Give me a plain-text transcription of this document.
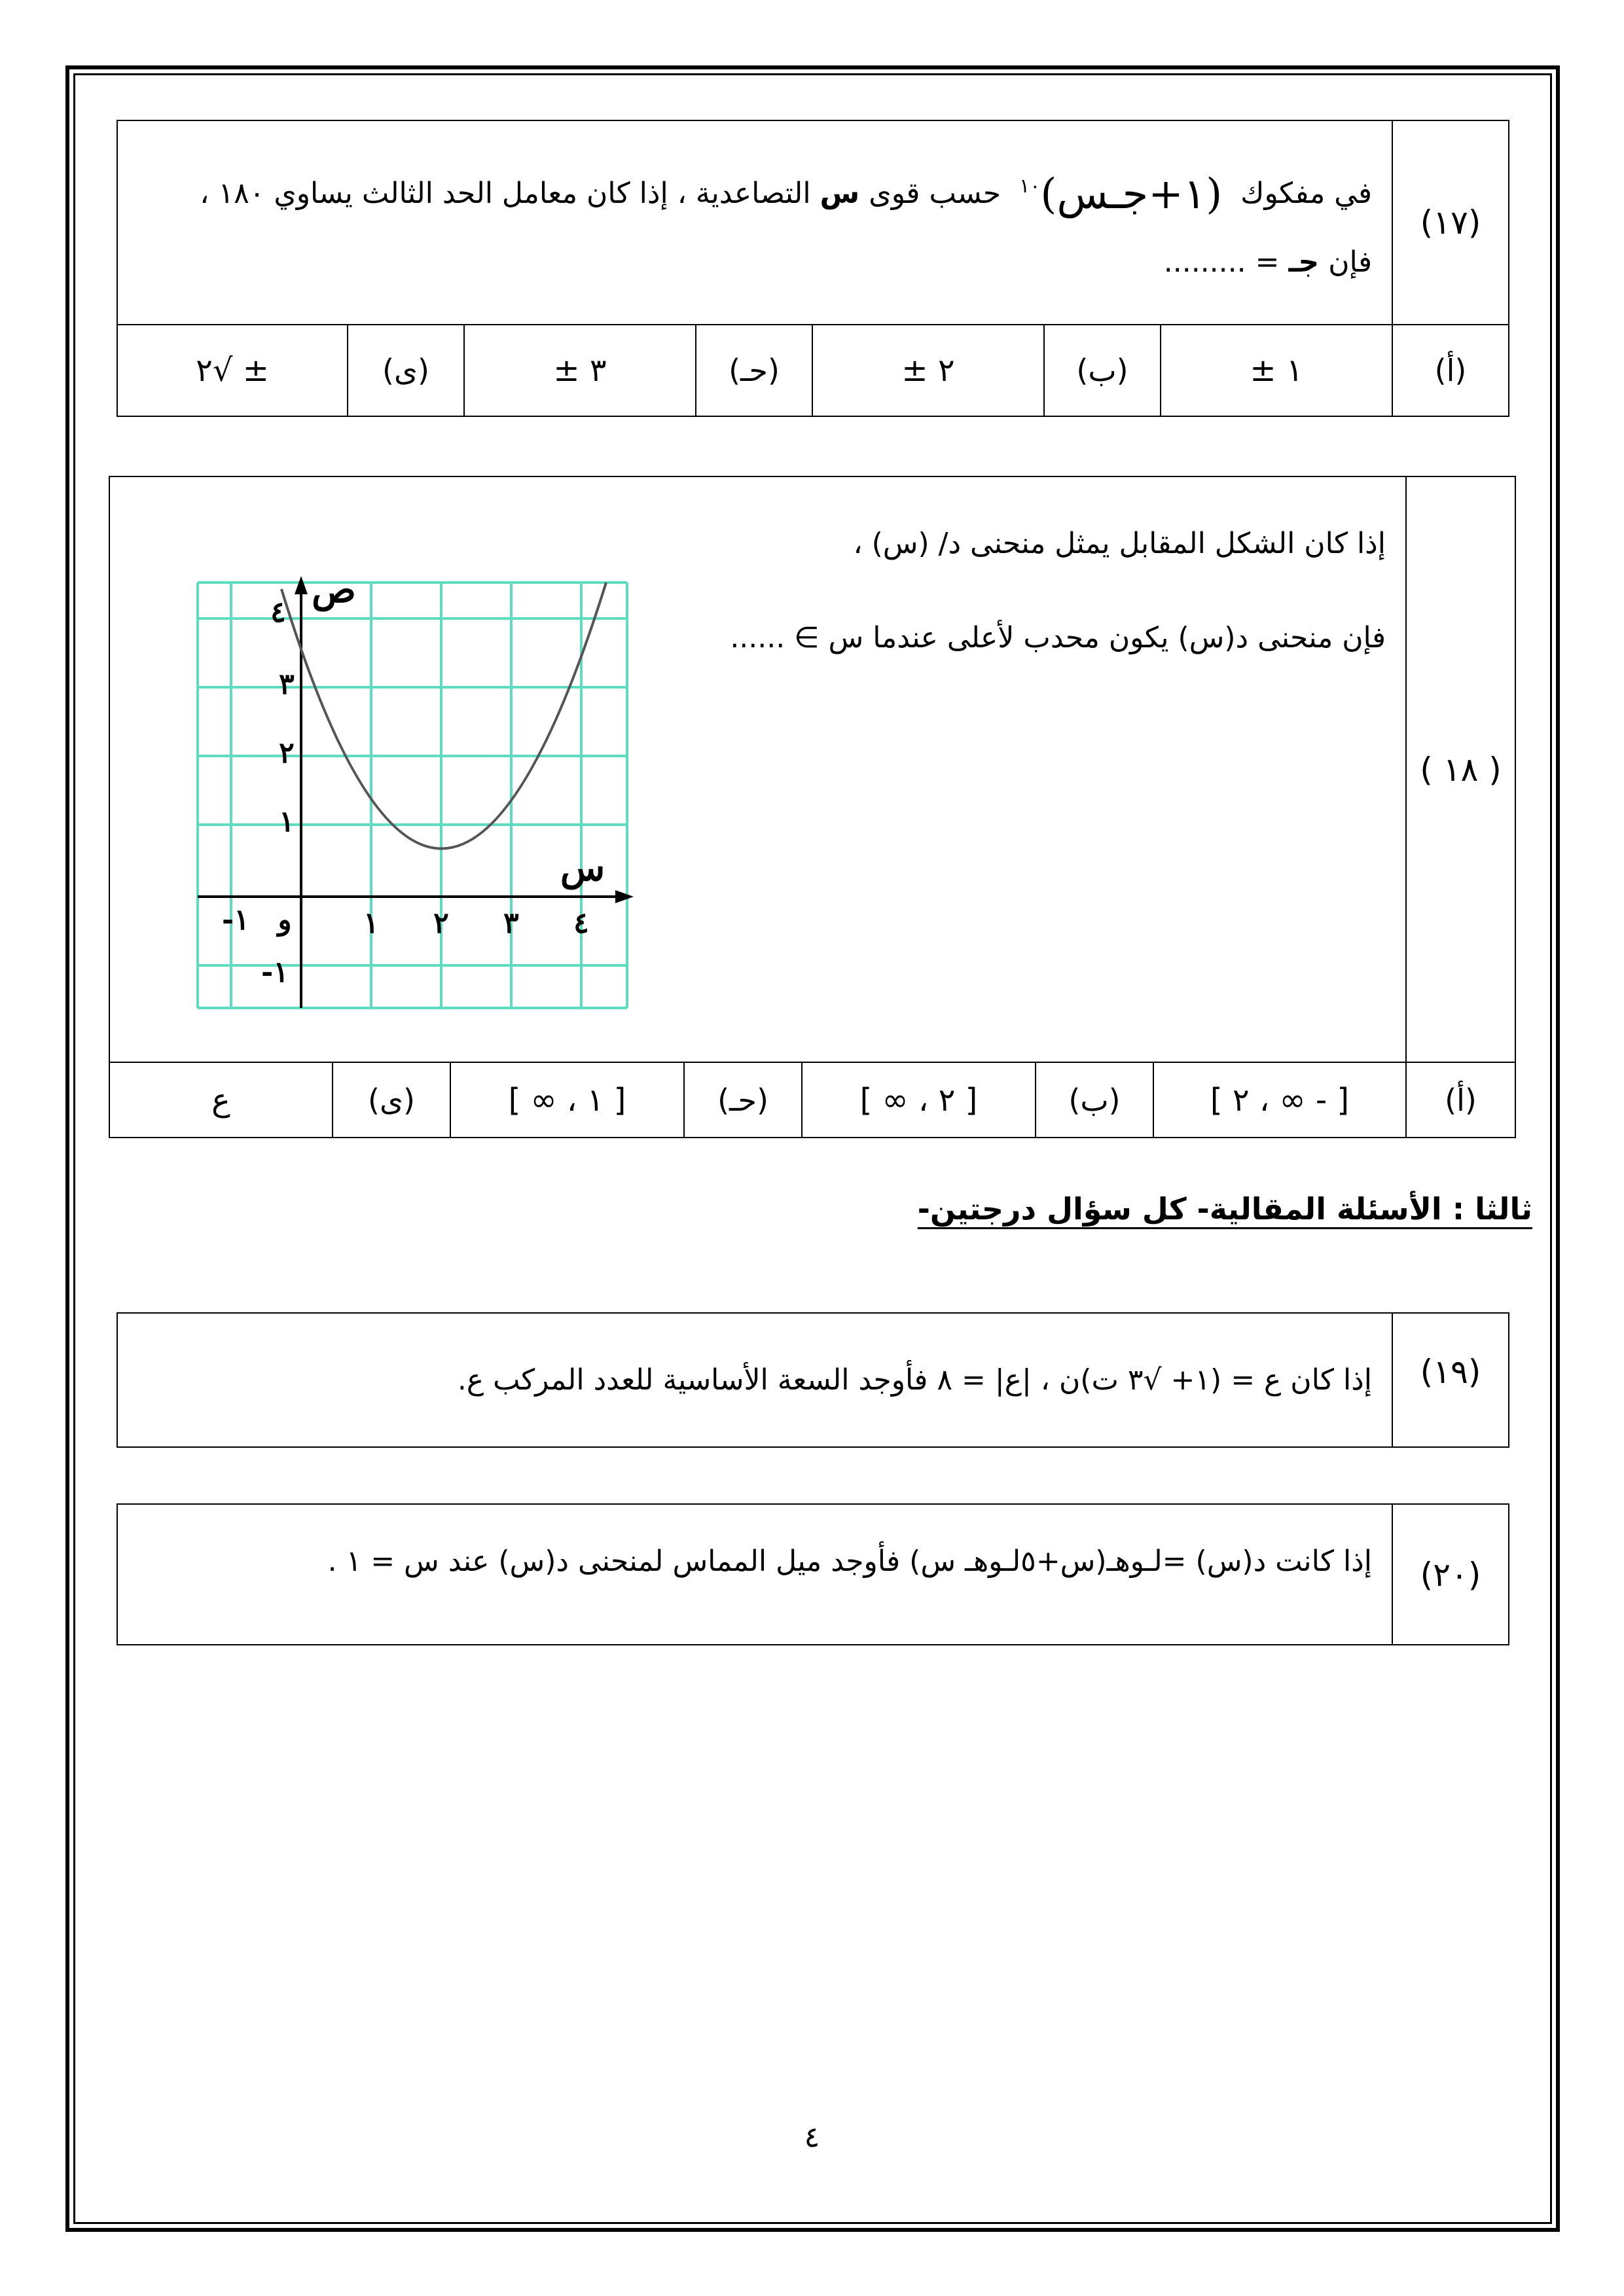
(١٧)	في مفكوك  (١+جـس)$^{١٠}$  حسب قوى س التصاعدية ، إذا كان معامل الحد الثالث يساوي ١٨٠ ،
فإن جـ = .........						

(أ)	١ ±	(ب)	٢ ±	(حـ)	٣ ±	(ى)	± √٢
( ١٨ )	إذا كان الشكل المقابل يمثل منحنى د/ (س) ،
فإن منحنى د(س) يكون محدب لأعلى عندما س ∋ ......						

(أ)	[ - ∞ ، ٢ ]	(ب)	[ ٢ ، ∞ ]	(حـ)	[ ١ ، ∞ ]	(ى)	ع
ص
س
و
١-	١ ٢ ٣ ٤
٤
٣
٢
١
١-
ثالثا : الأسئلة المقالية- كل سؤال درجتين-
(١٩)	إذا كان ع = (١+ √٣ ت)ن ، |ع| = ٨ فأوجد السعة الأساسية للعدد المركب ع.
(٢٠)	إذا كانت د(س) =لـوهـ(س+٥لـوهـ س) فأوجد ميل المماس لمنحنى د(س) عند س = ١ .
٤
